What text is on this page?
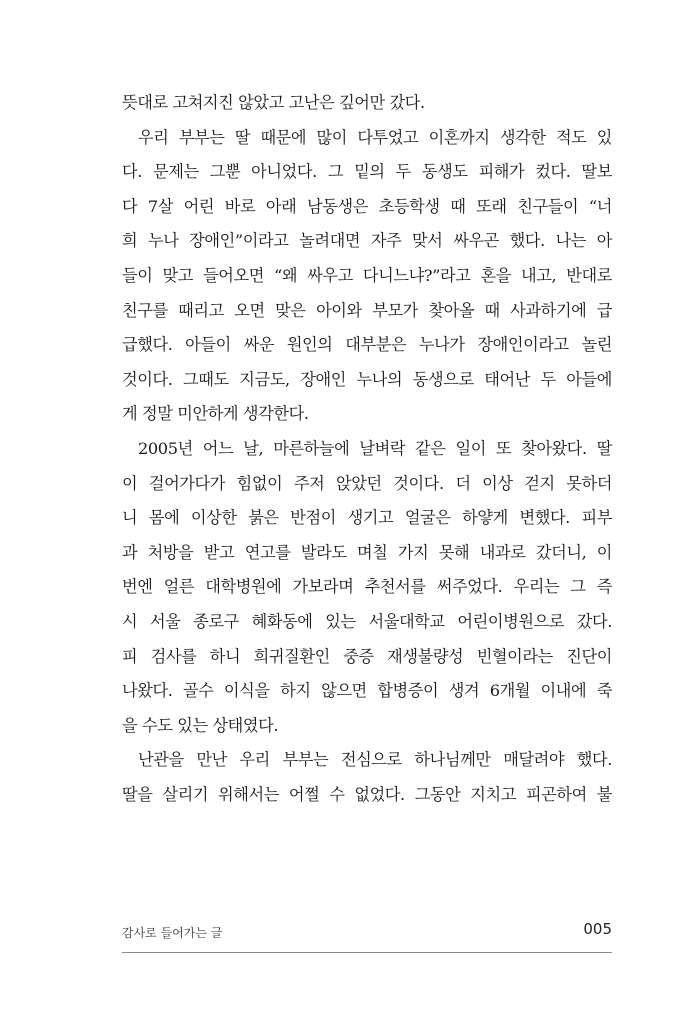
뜻대로 고쳐지진 않았고 고난은 깊어만 갔다.
우리 부부는 딸 때문에 많이 다투었고 이혼까지 생각한 적도 있
다. 문제는 그뿐 아니었다. 그 밑의 두 동생도 피해가 컸다. 딸보
다 7살 어린 바로 아래 남동생은 초등학생 때 또래 친구들이 “너
희 누나 장애인”이라고 놀려대면 자주 맞서 싸우곤 했다. 나는 아
들이 맞고 들어오면 “왜 싸우고 다니느냐?”라고 혼을 내고, 반대로
친구를 때리고 오면 맞은 아이와 부모가 찾아올 때 사과하기에 급
급했다. 아들이 싸운 원인의 대부분은 누나가 장애인이라고 놀린
것이다. 그때도 지금도, 장애인 누나의 동생으로 태어난 두 아들에
게 정말 미안하게 생각한다.
2005년 어느 날, 마른하늘에 날벼락 같은 일이 또 찾아왔다. 딸
이 걸어가다가 힘없이 주저 앉았던 것이다. 더 이상 걷지 못하더
니 몸에 이상한 붉은 반점이 생기고 얼굴은 하얗게 변했다. 피부
과 처방을 받고 연고를 발라도 며칠 가지 못해 내과로 갔더니, 이
번엔 얼른 대학병원에 가보라며 추천서를 써주었다. 우리는 그 즉
시 서울 종로구 혜화동에 있는 서울대학교 어린이병원으로 갔다.
피 검사를 하니 희귀질환인 중증 재생불량성 빈혈이라는 진단이
나왔다. 골수 이식을 하지 않으면 합병증이 생겨 6개월 이내에 죽
을 수도 있는 상태였다.
난관을 만난 우리 부부는 전심으로 하나님께만 매달려야 했다.
딸을 살리기 위해서는 어쩔 수 없었다. 그동안 지치고 피곤하여 불
감사로 들어가는 글	005
